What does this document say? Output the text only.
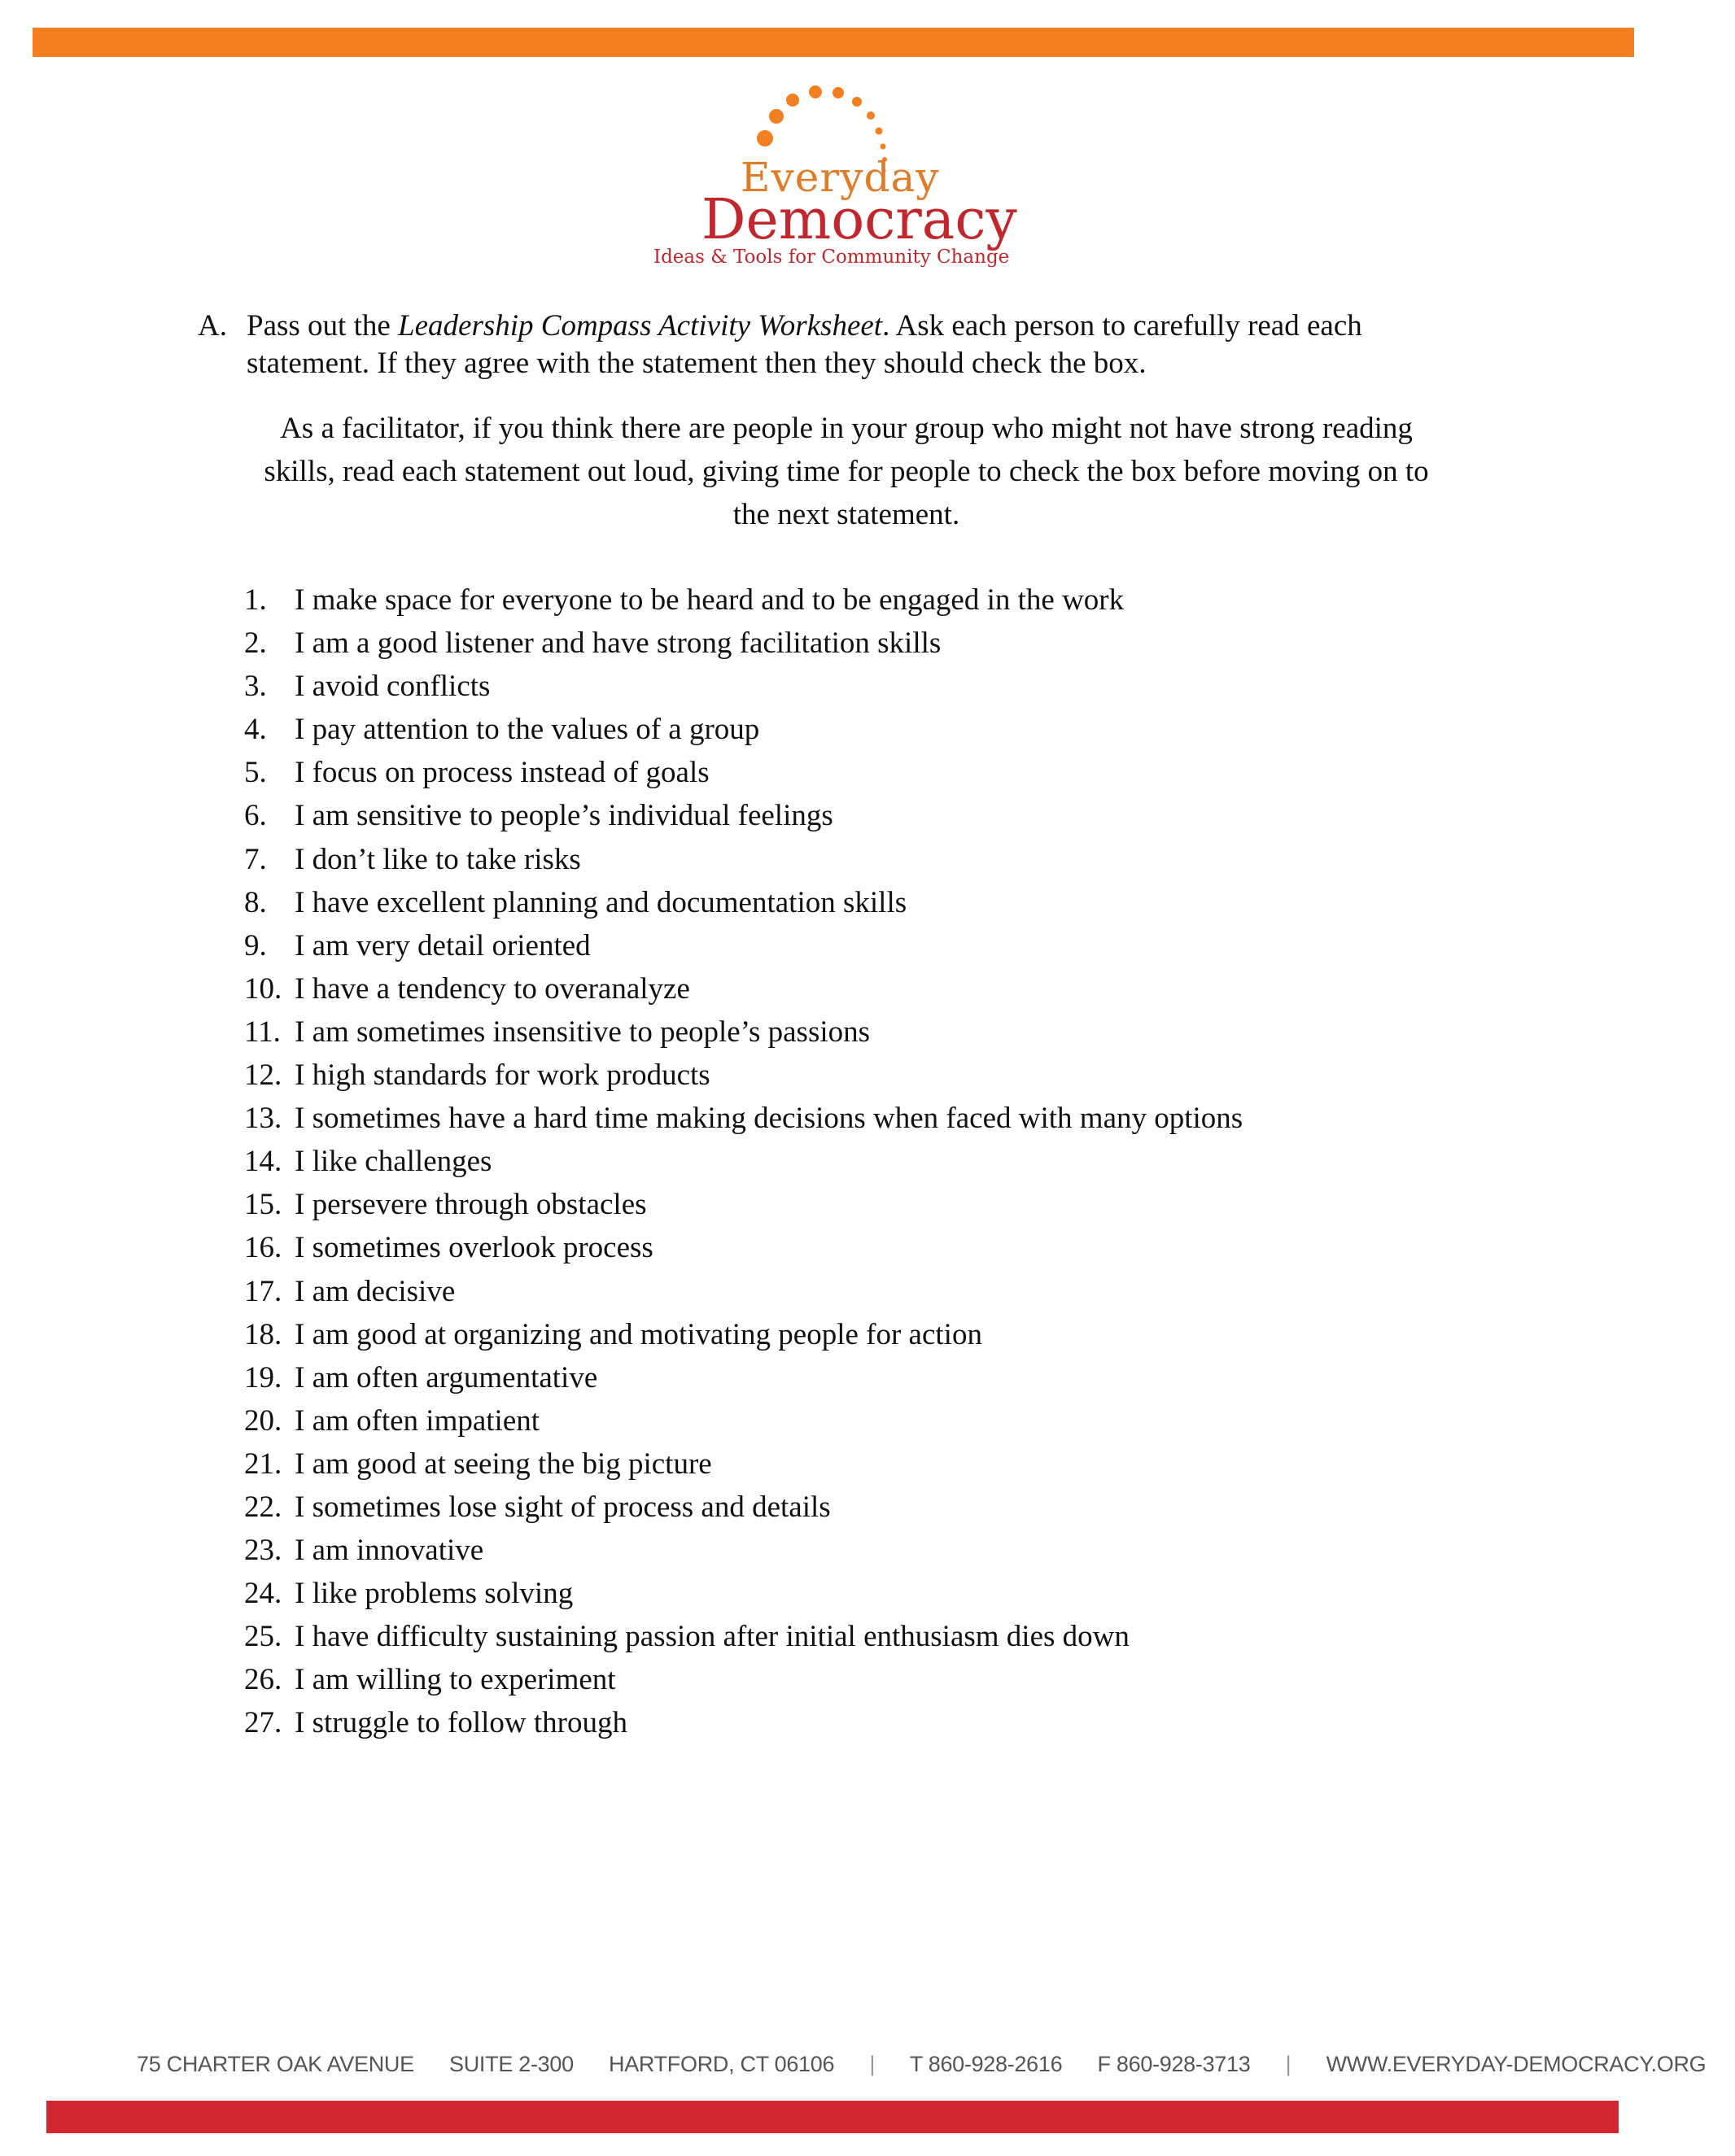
Everyday
Democracy
Ideas & Tools for Community Change
A. Pass out the Leadership Compass Activity Worksheet. Ask each person to carefully read each statement. If they agree with the statement then they should check the box.
As a facilitator, if you think there are people in your group who might not have strong reading skills, read each statement out loud, giving time for people to check the box before moving on to the next statement.
1. I make space for everyone to be heard and to be engaged in the work
2. I am a good listener and have strong facilitation skills
3. I avoid conflicts
4. I pay attention to the values of a group
5. I focus on process instead of goals
6. I am sensitive to people’s individual feelings
7. I don’t like to take risks
8. I have excellent planning and documentation skills
9. I am very detail oriented
10. I have a tendency to overanalyze
11. I am sometimes insensitive to people’s passions
12. I high standards for work products
13. I sometimes have a hard time making decisions when faced with many options
14. I like challenges
15. I persevere through obstacles
16. I sometimes overlook process
17. I am decisive
18. I am good at organizing and motivating people for action
19. I am often argumentative
20. I am often impatient
21. I am good at seeing the big picture
22. I sometimes lose sight of process and details
23. I am innovative
24. I like problems solving
25. I have difficulty sustaining passion after initial enthusiasm dies down
26. I am willing to experiment
27. I struggle to follow through
75 CHARTER OAK AVENUE SUITE 2-300 HARTFORD, CT 06106 | T 860-928-2616 F 860-928-3713 | WWW.EVERYDAY-DEMOCRACY.ORG
